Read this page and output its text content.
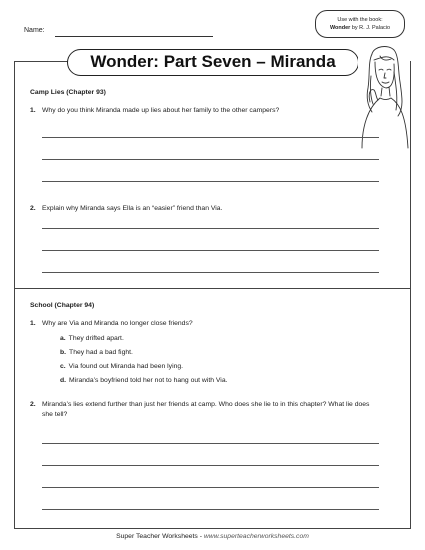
Name:
Use with the book:
Wonder by R. J. Palacio
Wonder: Part Seven – Miranda
Camp Lies (Chapter 93)
1. Why do you think Miranda made up lies about her family to the other campers?
2. Explain why Miranda says Ella is an “easier” friend than Via.
School (Chapter 94)
1. Why are Via and Miranda no longer close friends?
a. They drifted apart.
b. They had a bad fight.
c. Via found out Miranda had been lying.
d. Miranda’s boyfriend told her not to hang out with Via.
2. Miranda’s lies extend further than just her friends at camp. Who does she lie to in this chapter? What lie does she tell?
Super Teacher Worksheets - www.superteacherworksheets.com
